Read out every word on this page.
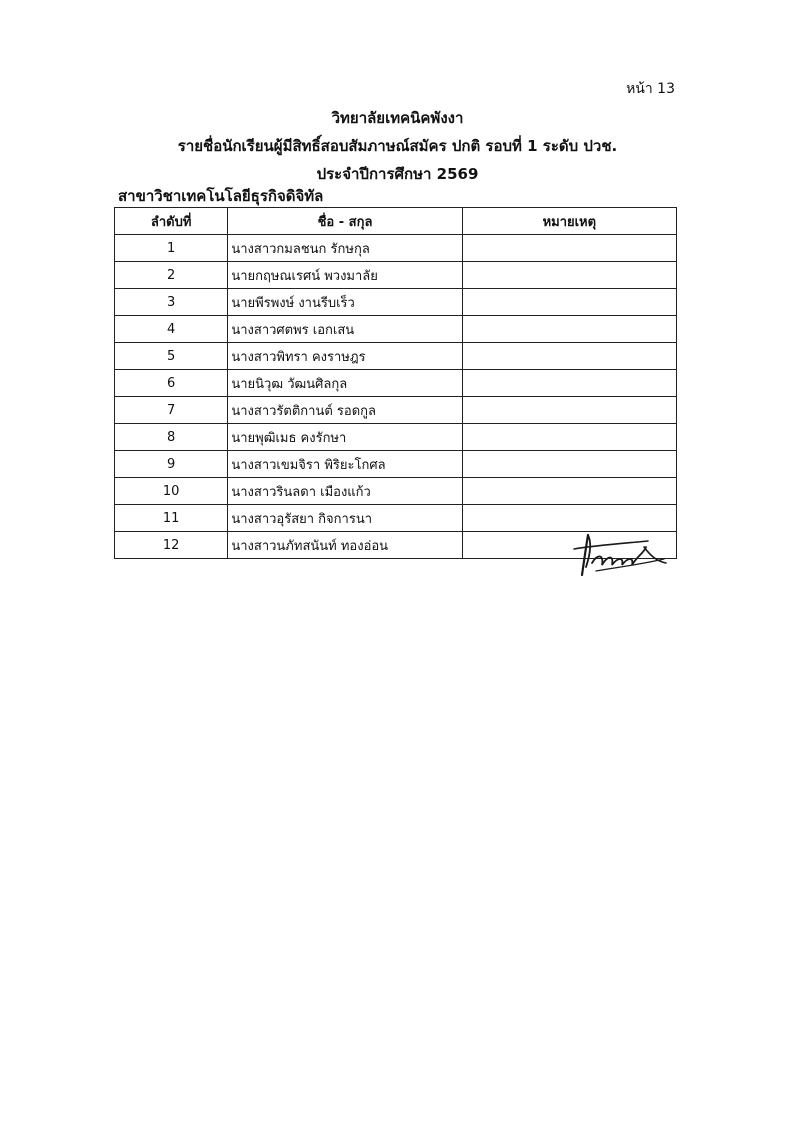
หน้า 13
วิทยาลัยเทคนิคพังงา
รายชื่อนักเรียนผู้มีสิทธิ์สอบสัมภาษณ์สมัคร ปกติ รอบที่ 1 ระดับ ปวช.
ประจำปีการศึกษา 2569
สาขาวิชาเทคโนโลยีธุรกิจดิจิทัล
ลำดับที่	ชื่อ - สกุล	หมายเหตุ
1	นางสาวกมลชนก รักษกุล	
2	นายกฤษณเรศน์ พวงมาลัย	
3	นายพีรพงษ์ งานรีบเร็ว	
4	นางสาวศตพร เอกเสน	
5	นางสาวพิทรา คงราษฎร	
6	นายนิวุฒ วัฒนศิลกุล	
7	นางสาวรัตติกานต์ รอดกูล	
8	นายพุฒิเมธ คงรักษา	
9	นางสาวเขมจิรา พิริยะโกศล	
10	นางสาวรินลดา เมืองแก้ว	
11	นางสาวอุรัสยา กิจการนา	
12	นางสาวนภัทสนันท์ ทองอ่อน	
